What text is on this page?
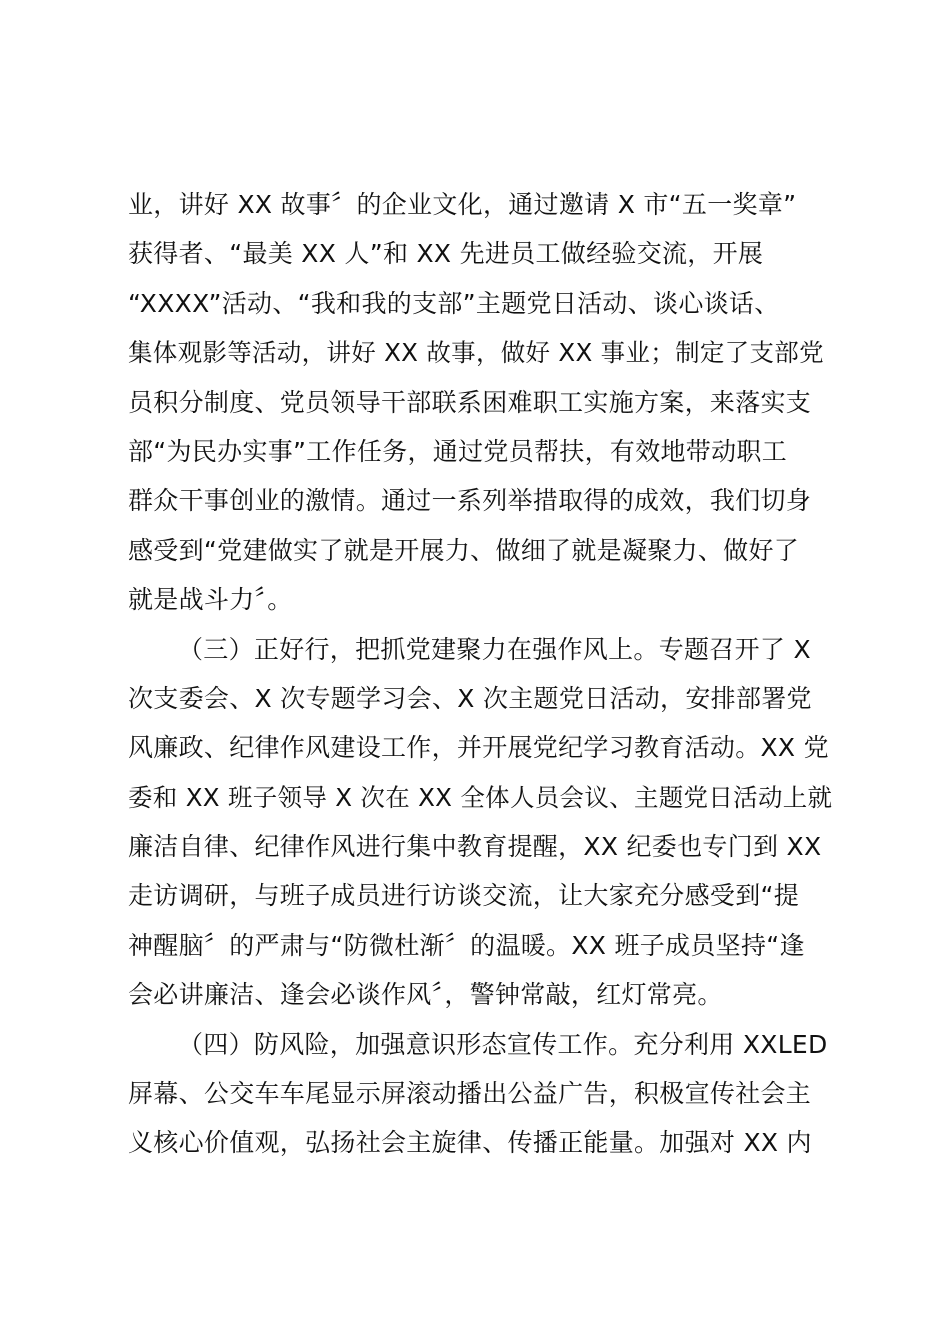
业，讲好 XX 故事〞的企业文化，通过邀请 X 市“五一奖章”
获得者、“最美 XX 人”和 XX 先进员工做经验交流，开展
“XXXX”活动、“我和我的支部”主题党日活动、谈心谈话、
集体观影等活动，讲好 XX 故事，做好 XX 事业；制定了支部党
员积分制度、党员领导干部联系困难职工实施方案，来落实支
部“为民办实事”工作任务，通过党员帮扶，有效地带动职工
群众干事创业的激情。通过一系列举措取得的成效，我们切身
感受到“党建做实了就是开展力、做细了就是凝聚力、做好了
就是战斗力〞。

（三）正好行，把抓党建聚力在强作风上。专题召开了 X
次支委会、X 次专题学习会、X 次主题党日活动，安排部署党
风廉政、纪律作风建设工作，并开展党纪学习教育活动。XX 党
委和 XX 班子领导 X 次在 XX 全体人员会议、主题党日活动上就
廉洁自律、纪律作风进行集中教育提醒，XX 纪委也专门到 XX
走访调研，与班子成员进行访谈交流，让大家充分感受到“提
神醒脑〞的严肃与“防微杜渐〞的温暖。XX 班子成员坚持“逢
会必讲廉洁、逢会必谈作风〞，警钟常敲，红灯常亮。

（四）防风险，加强意识形态宣传工作。充分利用 XXLED
屏幕、公交车车尾显示屏滚动播出公益广告，积极宣传社会主
义核心价值观，弘扬社会主旋律、传播正能量。加强对 XX 内
